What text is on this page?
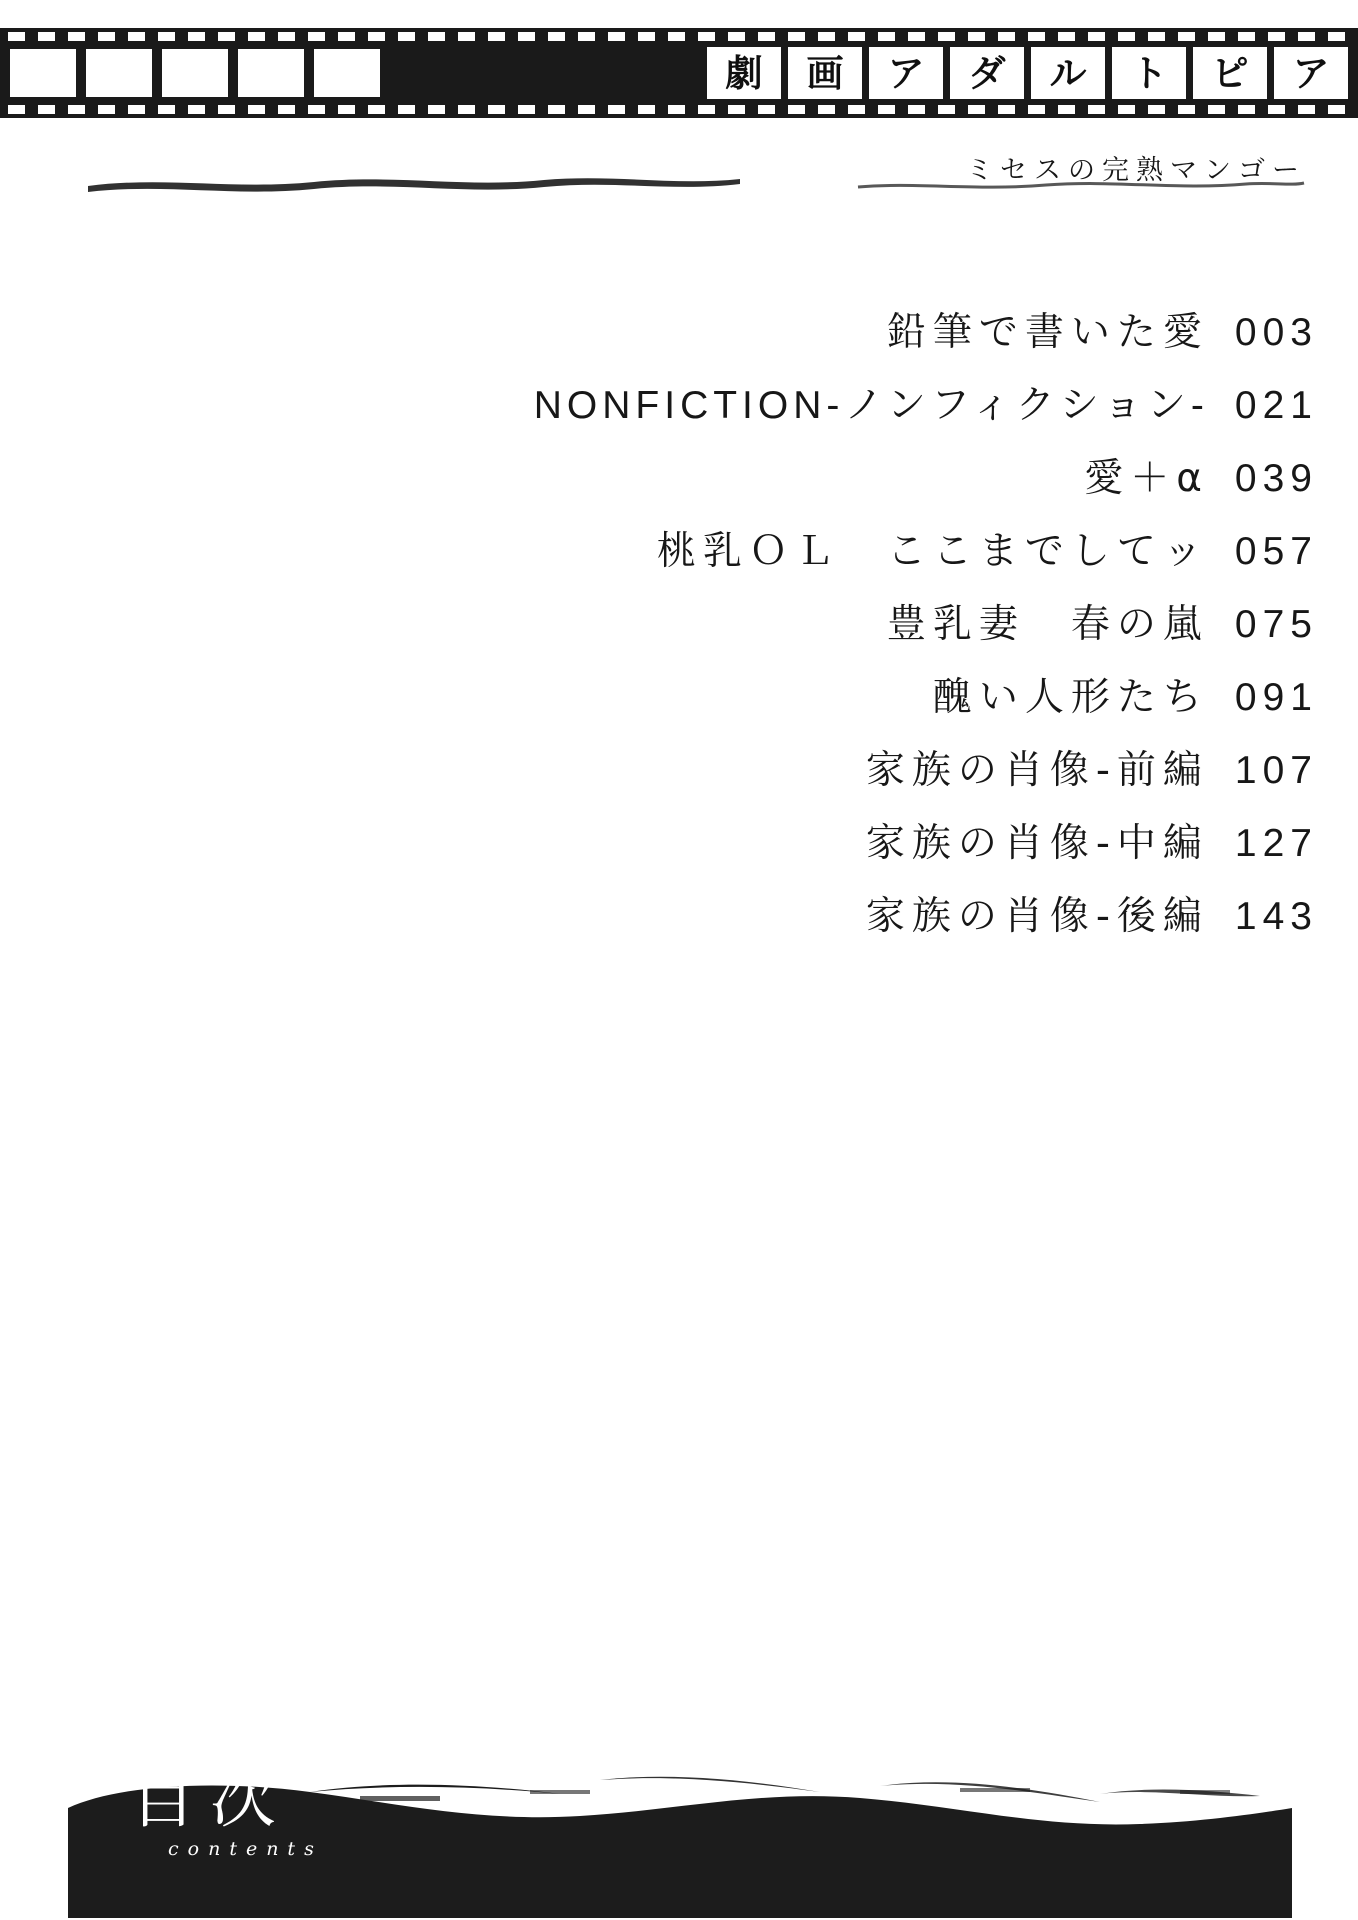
劇	画	ア	ダ	ル	ト	ピ	ア
ミセスの完熟マンゴー
鉛筆で書いた愛 003
NONFICTION-ノンフィクション- 021
愛＋α 039
桃乳ＯＬ　ここまでしてッ 057
豊乳妻　春の嵐 075
醜い人形たち 091
家族の肖像-前編 107
家族の肖像-中編 127
家族の肖像-後編 143
目次
contents
